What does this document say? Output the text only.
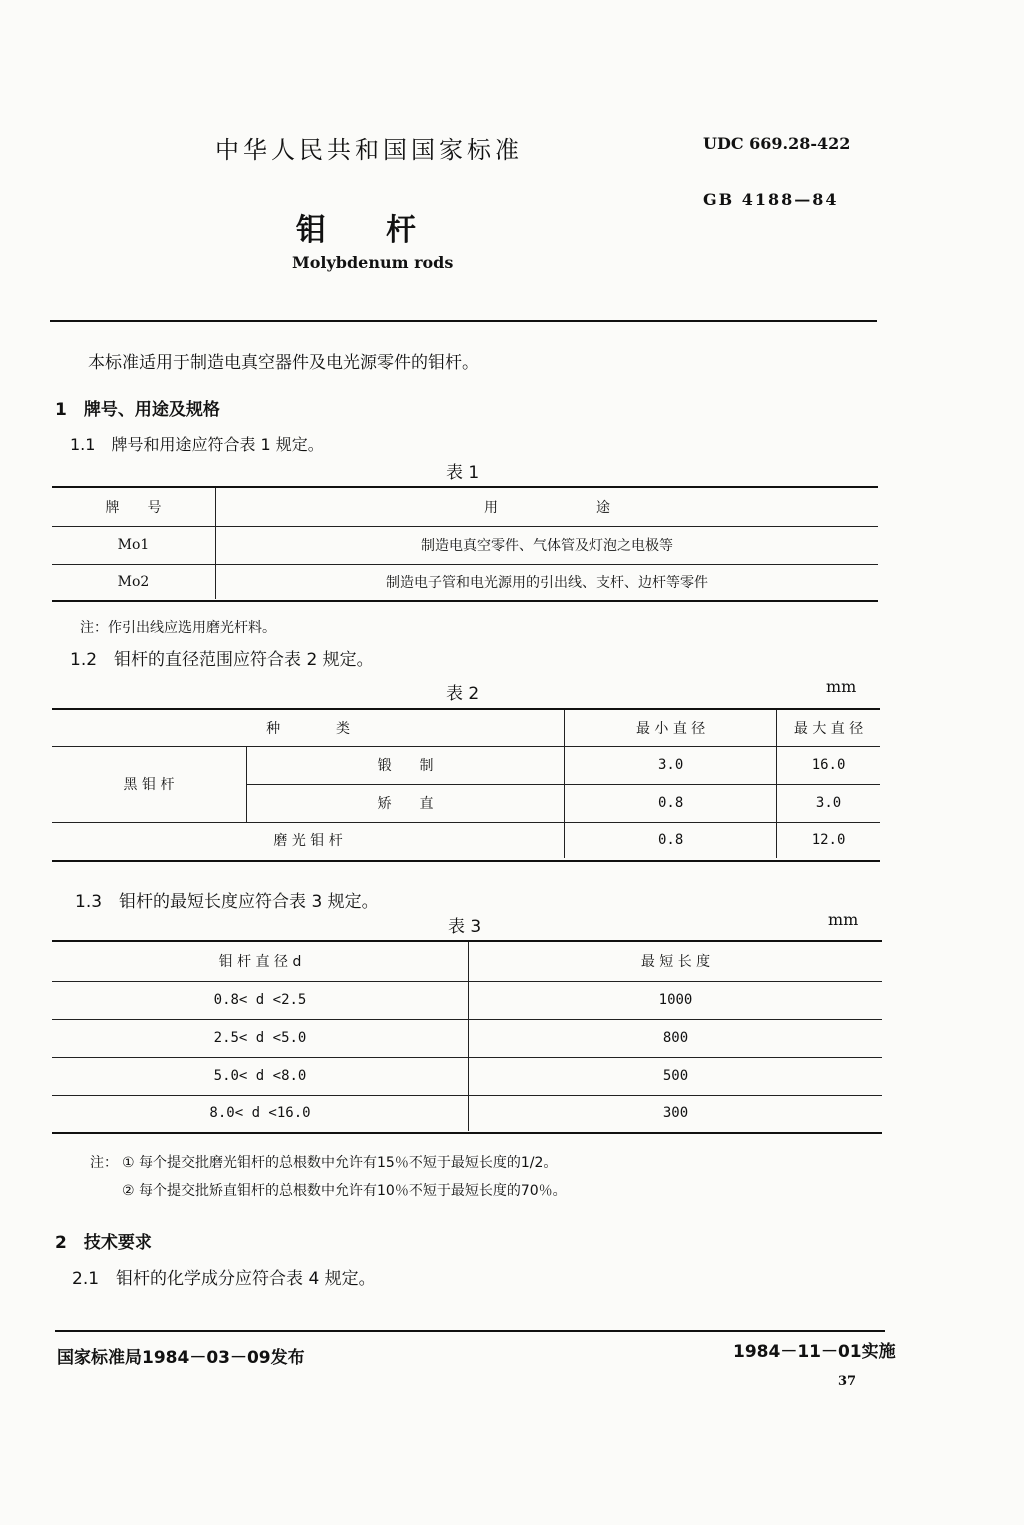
中华人民共和国国家标准	UDC 669.28-422
GB 4188—84
钼　　杆
Molybdenum rods
本标准适用于制造电真空器件及电光源零件的钼杆。
1　牌号、用途及规格
1.1　牌号和用途应符合表 1 规定。
表 1
牌　　号	用　　　　　　　途
Mo1	制造电真空零件、气体管及灯泡之电极等
Mo2	制造电子管和电光源用的引出线、支杆、边杆等零件
注：作引出线应选用磨光杆料。
1.2　钼杆的直径范围应符合表 2 规定。
表 2	mm
种　　　　类		最 小 直 径	最 大 直 径
黑 钼 杆	锻　　制	3.0	16.0
	矫　　直	0.8	3.0
磨 光 钼 杆		0.8	12.0
1.3　钼杆的最短长度应符合表 3 规定。
表 3	mm
钼 杆 直 径 d	最 短 长 度
0.8< d <2.5	1000
2.5< d <5.0	800
5.0< d <8.0	500
8.0< d <16.0	300
注： ① 每个提交批磨光钼杆的总根数中允许有15％不短于最短长度的1/2。
② 每个提交批矫直钼杆的总根数中允许有10％不短于最短长度的70％。
2　技术要求
2.1　钼杆的化学成分应符合表 4 规定。
国家标准局1984－03－09发布	1984－11－01实施
37
